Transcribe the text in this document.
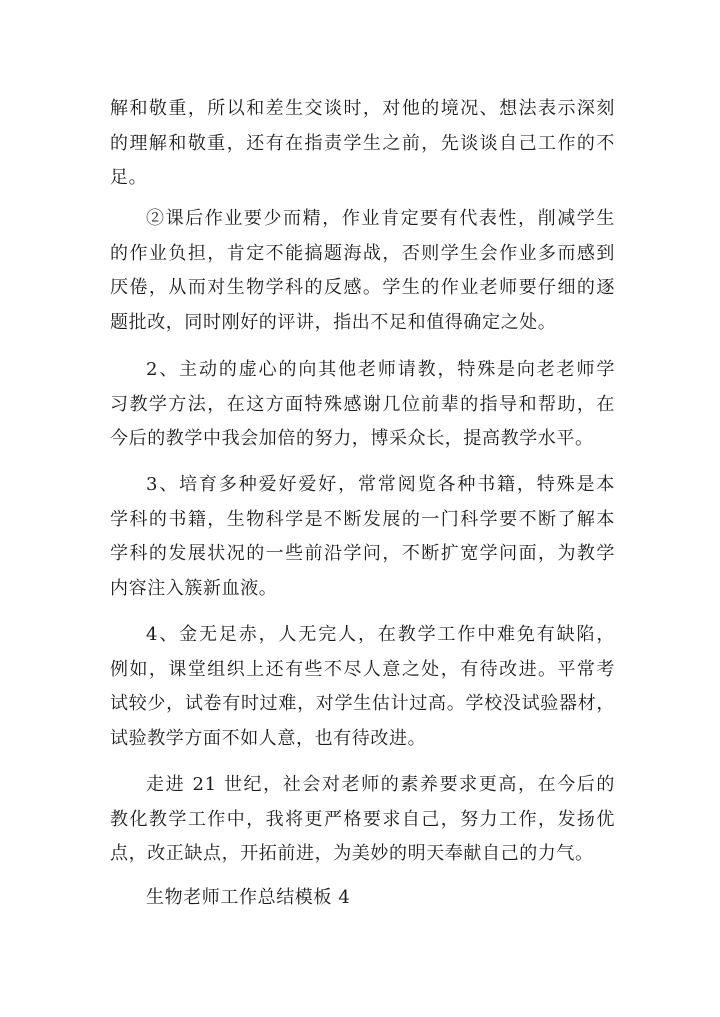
解和敬重，所以和差生交谈时，对他的境况、想法表示深刻
的理解和敬重，还有在指责学生之前，先谈谈自己工作的不
足。
②课后作业要少而精，作业肯定要有代表性，削减学生
的作业负担，肯定不能搞题海战，否则学生会作业多而感到
厌倦，从而对生物学科的反感。学生的作业老师要仔细的逐
题批改，同时刚好的评讲，指出不足和值得确定之处。
2、主动的虚心的向其他老师请教，特殊是向老老师学
习教学方法，在这方面特殊感谢几位前辈的指导和帮助，在
今后的教学中我会加倍的努力，博采众长，提高教学水平。
3、培育多种爱好爱好，常常阅览各种书籍，特殊是本
学科的书籍，生物科学是不断发展的一门科学要不断了解本
学科的发展状况的一些前沿学问，不断扩宽学问面，为教学
内容注入簇新血液。
4、金无足赤，人无完人，在教学工作中难免有缺陷，
例如，课堂组织上还有些不尽人意之处，有待改进。平常考
试较少，试卷有时过难，对学生估计过高。学校没试验器材，
试验教学方面不如人意，也有待改进。
走进 21 世纪，社会对老师的素养要求更高，在今后的
教化教学工作中，我将更严格要求自己，努力工作，发扬优
点，改正缺点，开拓前进，为美妙的明天奉献自己的力气。
生物老师工作总结模板 4
